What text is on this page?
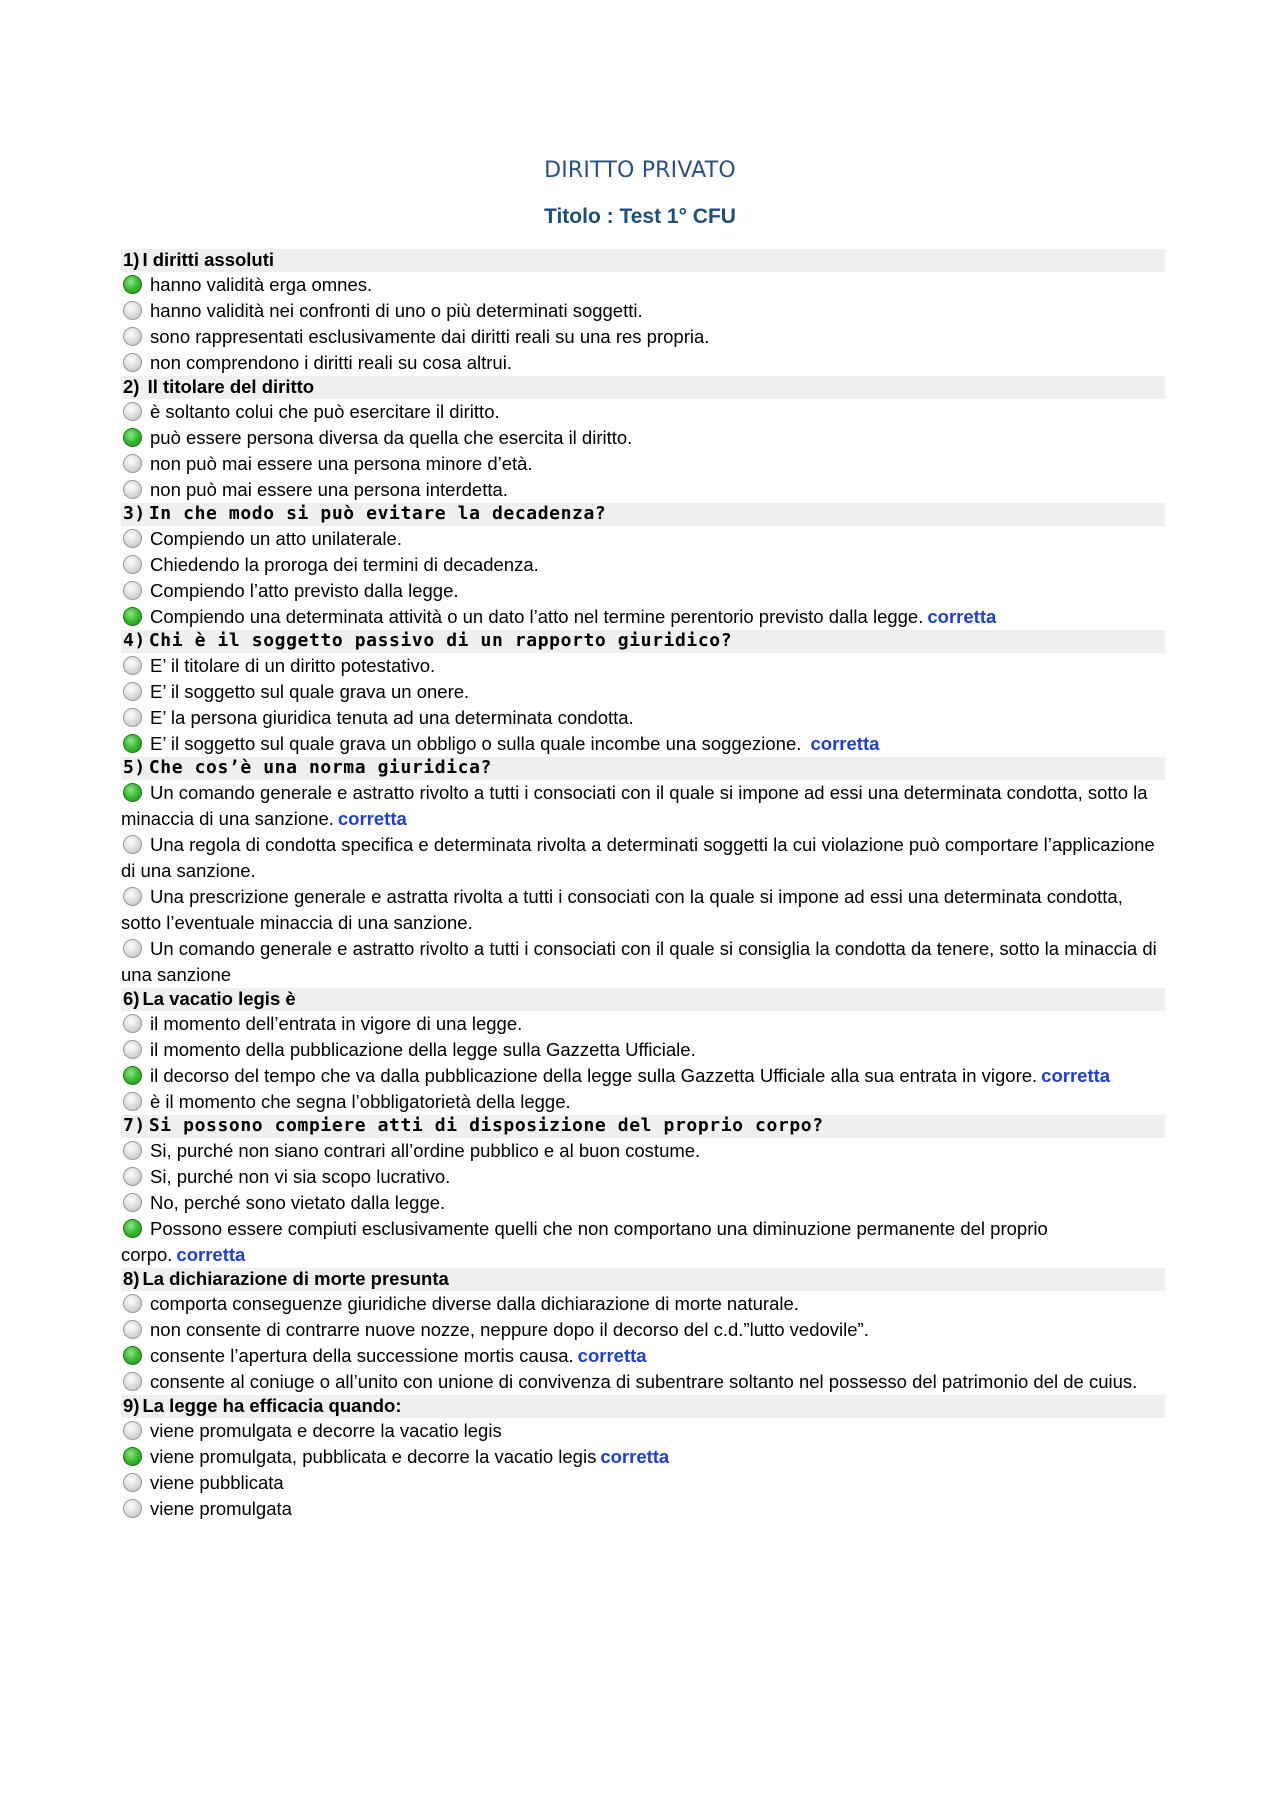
DIRITTO PRIVATO
Titolo : Test 1° CFU
1) I diritti assoluti
hanno validità erga omnes.
hanno validità nei confronti di uno o più determinati soggetti.
sono rappresentati esclusivamente dai diritti reali su una res propria.
non comprendono i diritti reali su cosa altrui.
2) Il titolare del diritto
è soltanto colui che può esercitare il diritto.
può essere persona diversa da quella che esercita il diritto.
non può mai essere una persona minore d’età.
non può mai essere una persona interdetta.
3) In che modo si può evitare la decadenza?
Compiendo un atto unilaterale.
Chiedendo la proroga dei termini di decadenza.
Compiendo l’atto previsto dalla legge.
Compiendo una determinata attività o un dato l’atto nel termine perentorio previsto dalla legge. corretta
4) Chi è il soggetto passivo di un rapporto giuridico?
E’ il titolare di un diritto potestativo.
E’ il soggetto sul quale grava un onere.
E’ la persona giuridica tenuta ad una determinata condotta.
E’ il soggetto sul quale grava un obbligo o sulla quale incombe una soggezione. corretta
5) Che cos’è una norma giuridica?
Un comando generale e astratto rivolto a tutti i consociati con il quale si impone ad essi una determinata condotta, sotto la minaccia di una sanzione. corretta
Una regola di condotta specifica e determinata rivolta a determinati soggetti la cui violazione può comportare l’applicazione di una sanzione.
Una prescrizione generale e astratta rivolta a tutti i consociati con la quale si impone ad essi una determinata condotta, sotto l’eventuale minaccia di una sanzione.
Un comando generale e astratto rivolto a tutti i consociati con il quale si consiglia la condotta da tenere, sotto la minaccia di una sanzione
6) La vacatio legis è
il momento dell’entrata in vigore di una legge.
il momento della pubblicazione della legge sulla Gazzetta Ufficiale.
il decorso del tempo che va dalla pubblicazione della legge sulla Gazzetta Ufficiale alla sua entrata in vigore. corretta
è il momento che segna l’obbligatorietà della legge.
7) Si possono compiere atti di disposizione del proprio corpo?
Si, purché non siano contrari all’ordine pubblico e al buon costume.
Si, purché non vi sia scopo lucrativo.
No, perché sono vietato dalla legge.
Possono essere compiuti esclusivamente quelli che non comportano una diminuzione permanente del proprio corpo. corretta
8) La dichiarazione di morte presunta
comporta conseguenze giuridiche diverse dalla dichiarazione di morte naturale.
non consente di contrarre nuove nozze, neppure dopo il decorso del c.d.”lutto vedovile”.
consente l’apertura della successione mortis causa. corretta
consente al coniuge o all’unito con unione di convivenza di subentrare soltanto nel possesso del patrimonio del de cuius.
9) La legge ha efficacia quando:
viene promulgata e decorre la vacatio legis
viene promulgata, pubblicata e decorre la vacatio legis corretta
viene pubblicata
viene promulgata
